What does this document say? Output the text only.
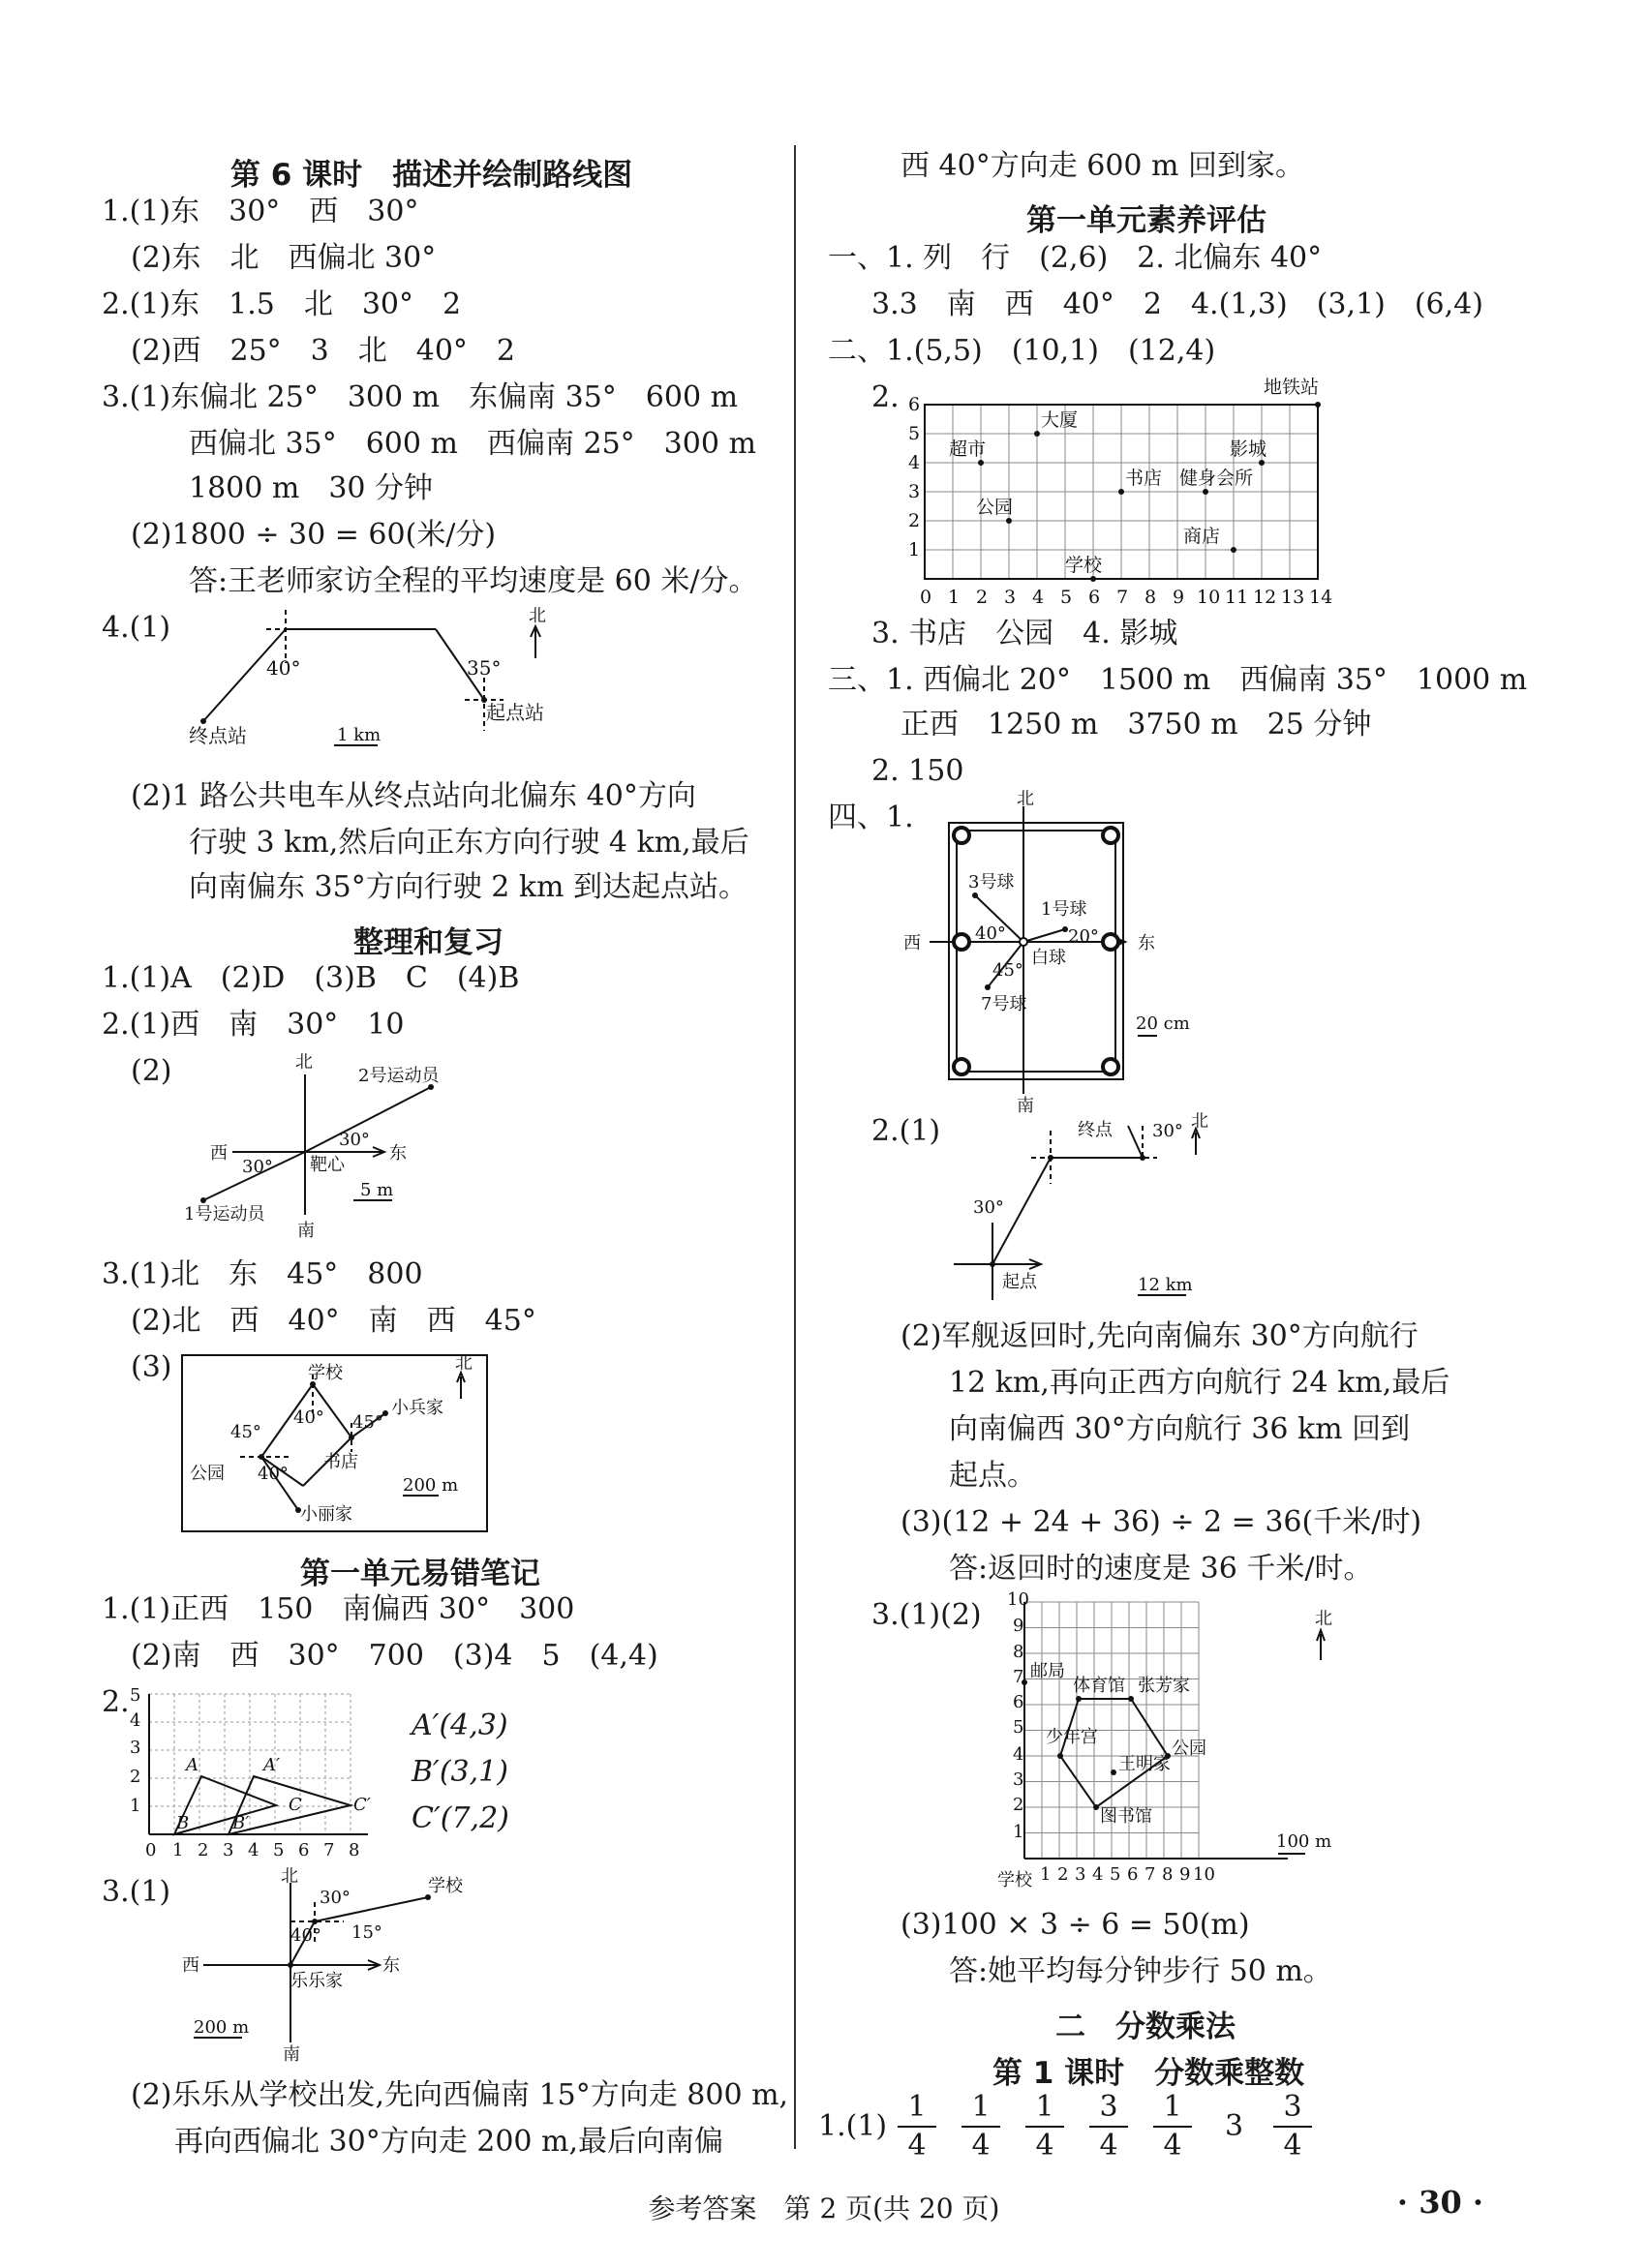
第 6 课时　描述并绘制路线图
1.(1)东　30°　西　30°
(2)东　北　西偏北 30°
2.(1)东　1.5　北　30°　2
(2)西　25°　3　北　40°　2
3.(1)东偏北 25°　300 m　东偏南 35°　600 m
西偏北 35°　600 m　西偏南 25°　300 m
1800 m　30 分钟
(2)1800 ÷ 30 = 60(米/分)
答:王老师家访全程的平均速度是 60 米/分。
4.(1)	北
40°	35°
起点站
终点站	1 km
(2)1 路公共电车从终点站向北偏东 40°方向
行驶 3 km,然后向正东方向行驶 4 km,最后
向南偏东 35°方向行驶 2 km 到达起点站。
整理和复习
1.(1)A　(2)D　(3)B　C　(4)B
2.(1)西　南　30°　10
(2)	北
南
东
西
靶心
2号运动员
1号运动员
30°
30°
5 m
3.(1)北　东　45°　800
(2)北　西　40°　南　西　45°
(3)	学校
小兵家
书店
公园
小丽家
北
45°
40° 45°
40°
200 m
第一单元易错笔记
1.(1)正西　150　南偏西 30°　300
(2)南　西　30°　700　(3)4　5　(4,4)
2.
0 1 2 3 4 5 6 7 8
5
4
3
2
1
A	A′
B B′
C	C′
A′(4,3)
B′(3,1)
C′(7,2)
3.(1)	北
南
东
西
乐乐家
学校
30°
40° 15°
200 m
(2)乐乐从学校出发,先向西偏南 15°方向走 800 m,
再向西偏北 30°方向走 200 m,最后向南偏
西 40°方向走 600 m 回到家。
第一单元素养评估
一、1. 列　行　(2,6)　2. 北偏东 40°
3.3　南　西　40°　2　4.(1,3)　(3,1)　(6,4)
二、1.(5,5)　(10,1)　(12,4)
2.
0 1 2 3 4 5 6 7 8 9 10 11 12 13 14
6
5
4
3
2
1
地铁站
大厦
超市	影城
书店 健身会所
公园
商店
学校
3. 书店　公园　4. 影城
三、1. 西偏北 20°　1500 m　西偏南 35°　1000 m
正西　1250 m　3750 m　25 分钟
2. 150
四、1.
北
南
东
西
3号球
1号球
7号球
白球
40°	20°
45°
20 cm
2.(1)	终点 30°
30°
北
起点	12 km
(2)军舰返回时,先向南偏东 30°方向航行
12 km,再向正西方向航行 24 km,最后
向南偏西 30°方向航行 36 km 回到
起点。
(3)(12 + 24 + 36) ÷ 2 = 36(千米/时)
答:返回时的速度是 36 千米/时。
3.(1)(2) 10
9
8
7
6
5
4
3
2
1
1 2 3 4 5 6 7 8 9 10
北
邮局
体育馆 张芳家
少年宫
王明家
公园
图书馆
学校
100 m
(3)100 × 3 ÷ 6 = 50(m)
答:她平均每分钟步行 50 m。
二　分数乘法
第 1 课时　分数乘整数
1.(1)
1
4
1
4
1
4
3
4
1
4
3
3
4
参考答案　第 2 页(共 20 页)	· 30 ·
